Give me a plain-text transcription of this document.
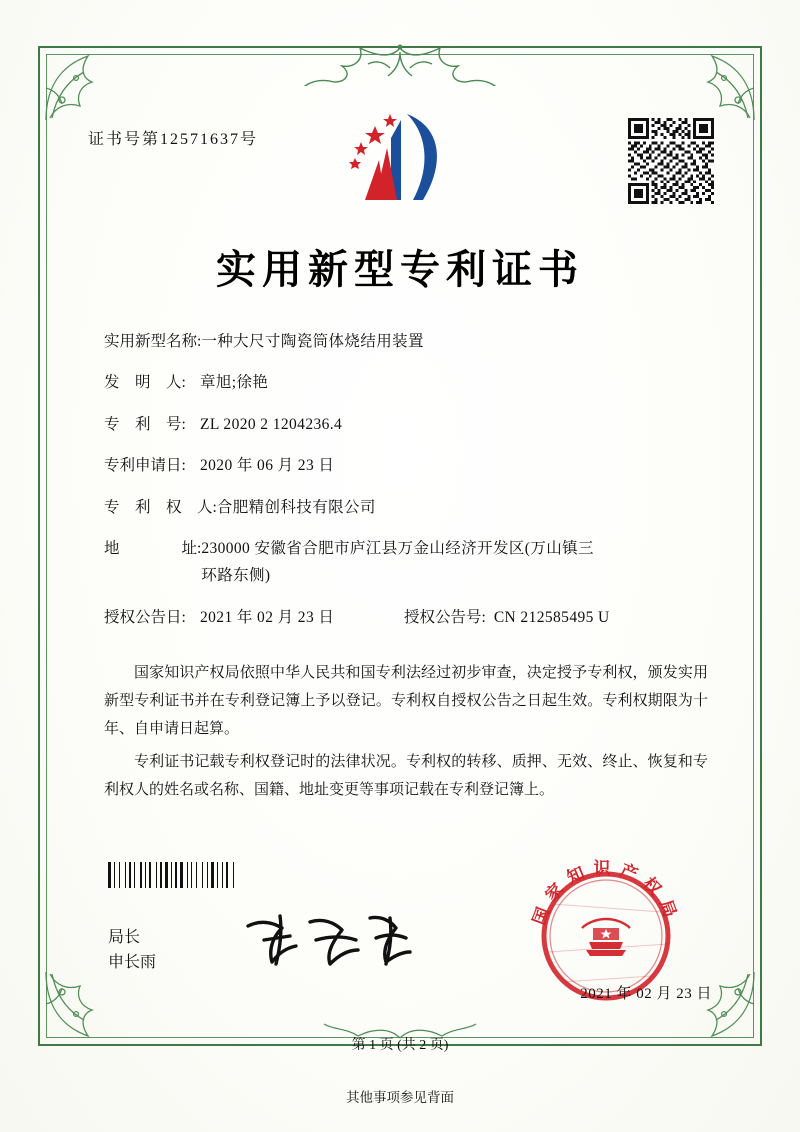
证书号第12571637号
实用新型专利证书
实用新型名称: 一种大尺寸陶瓷筒体烧结用装置
发　明　人: 章旭;徐艳
专　利　号: ZL 2020 2 1204236.4
专利申请日: 2020 年 06 月 23 日
专　利　权　人: 合肥精创科技有限公司
地　　　　址: 230000 安徽省合肥市庐江县万金山经济开发区(万山镇三
环路东侧)
授权公告日: 2021 年 02 月 23 日	授权公告号: CN 212585495 U

国家知识产权局依照中华人民共和国专利法经过初步审查，决定授予专利权，颁发实用新型专利证书并在专利登记簿上予以登记。专利权自授权公告之日起生效。专利权期限为十年、自申请日起算。

专利证书记载专利权登记时的法律状况。专利权的转移、质押、无效、终止、恢复和专利权人的姓名或名称、国籍、地址变更等事项记载在专利登记簿上。

局长
申长雨
国家知识产权局
2021 年 02 月 23 日
第 1 页 (共 2 页)
其他事项参见背面
